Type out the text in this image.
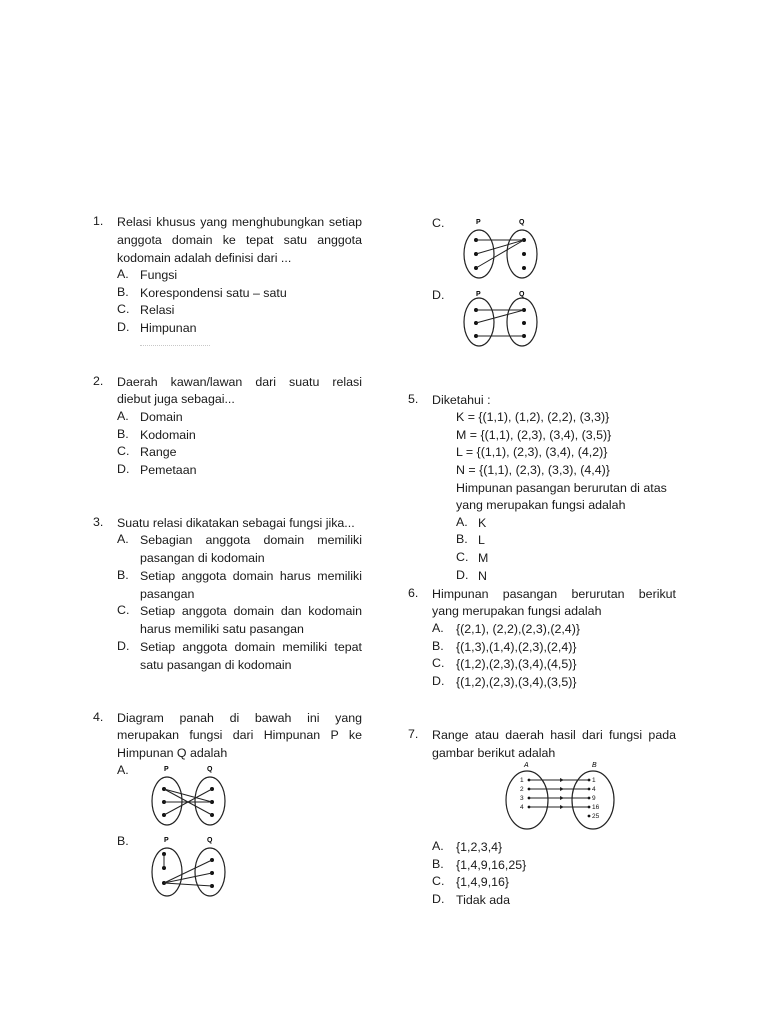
1. Relasi khusus yang menghubungkan setiap
anggota domain ke tepat satu anggota
kodomain adalah definisi dari ...
A. Fungsi
B. Korespondensi satu – satu
C. Relasi
D. Himpunan
2. Daerah kawan/lawan dari suatu relasi
diebut juga sebagai...
A. Domain
B. Kodomain
C. Range
D. Pemetaan
3. Suatu relasi dikatakan sebagai fungsi jika...
A. Sebagian anggota domain memiliki
pasangan di kodomain
B. Setiap anggota domain harus memiliki
pasangan
C. Setiap anggota domain dan kodomain
harus memiliki satu pasangan
D. Setiap anggota domain memiliki tepat
satu pasangan di kodomain
4. Diagram panah di bawah ini yang
merupakan fungsi dari Himpunan P ke
Himpunan Q adalah
A.
B.
C.
D.
P	Q
P	Q
P	Q
P	Q
5. Diketahui :
K = {(1,1), (1,2), (2,2), (3,3)}
M = {(1,1), (2,3), (3,4), (3,5)}
L = {(1,1), (2,3), (3,4), (4,2)}
N = {(1,1), (2,3), (3,3), (4,4)}
Himpunan pasangan berurutan di atas
yang merupakan fungsi adalah
A. K
B. L
C. M
D. N
6. Himpunan pasangan berurutan berikut
yang merupakan fungsi adalah
A. {(2,1), (2,2),(2,3),(2,4)}
B. {(1,3),(1,4),(2,3),(2,4)}
C. {(1,2),(2,3),(3,4),(4,5)}
D. {(1,2),(2,3),(3,4),(3,5)}
7. Range atau daerah hasil dari fungsi pada
gambar berikut adalah
A	B
1
2
3
4
1
4
9
16
25
A. {1,2,3,4}
B. {1,4,9,16,25}
C. {1,4,9,16}
D. Tidak ada
